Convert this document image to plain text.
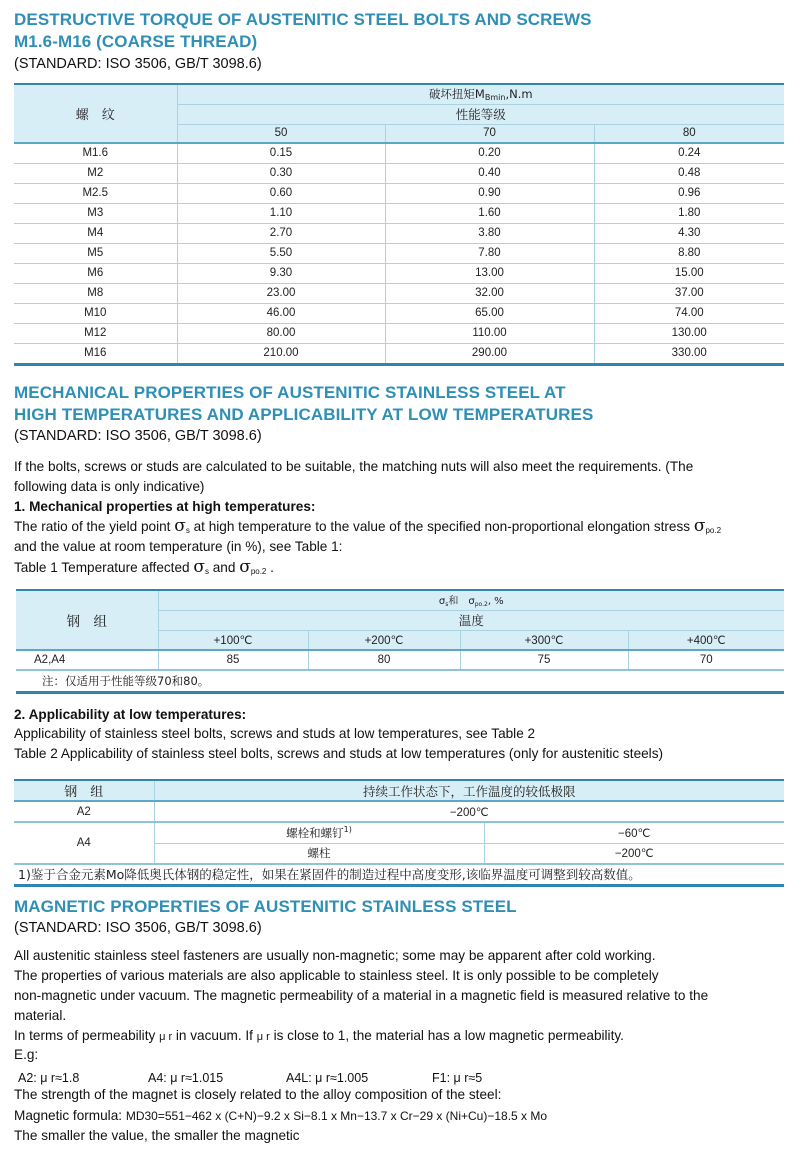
DESTRUCTIVE TORQUE OF AUSTENITIC STEEL BOLTS AND SCREWS
M1.6-M16 (COARSE THREAD)
(STANDARD: ISO 3506, GB/T 3098.6)
螺　纹	破坏扭矩$M_{Bmin},N.m$		
	性能等级		
	50	70	80
M1.6	0.15	0.20	0.24
M2	0.30	0.40	0.48
M2.5	0.60	0.90	0.96
M3	1.10	1.60	1.80
M4	2.70	3.80	4.30
M5	5.50	7.80	8.80
M6	9.30	13.00	15.00
M8	23.00	32.00	37.00
M10	46.00	65.00	74.00
M12	80.00	110.00	130.00
M16	210.00	290.00	330.00
MECHANICAL PROPERTIES OF AUSTENITIC STAINLESS STEEL AT
HIGH TEMPERATURES AND APPLICABILITY AT LOW TEMPERATURES
(STANDARD: ISO 3506, GB/T 3098.6)
If the bolts, screws or studs are calculated to be suitable, the matching nuts will also meet the requirements. (The
following data is only indicative)
1. Mechanical properties at high temperatures:
The ratio of the yield point $\sigma_s$ at high temperature to the value of the specified non-proportional elongation stress $\sigma_{po.2}$
and the value at room temperature (in %), see Table 1:
Table 1 Temperature affected $\sigma_s$ and $\sigma_{po.2}$ .
钢　组	$\sigma_s$和　$\sigma_{po.2}$, %			
	温度			
	+100℃	+200℃	+300℃	+400℃
A2,A4	85	80	75	70
注：仅适用于性能等级70和80。				
2. Applicability at low temperatures:
Applicability of stainless steel bolts, screws and studs at low temperatures, see Table 2
Table 2 Applicability of stainless steel bolts, screws and studs at low temperatures (only for austenitic steels)
钢　组	持续工作状态下，工作温度的较低极限	
A2	−200℃	
A4	螺栓和螺钉$^{1)}$	−60℃
	螺柱	−200℃
1)鉴于合金元素Mo降低奥氏体钢的稳定性，如果在紧固件的制造过程中高度变形,该临界温度可调整到较高数值。		
MAGNETIC PROPERTIES OF AUSTENITIC STAINLESS STEEL
(STANDARD: ISO 3506, GB/T 3098.6)
All austenitic stainless steel fasteners are usually non-magnetic; some may be apparent after cold working.
The properties of various materials are also applicable to stainless steel. It is only possible to be completely
non-magnetic under vacuum. The magnetic permeability of a material in a magnetic field is measured relative to the
material.
In terms of permeability μ r in vacuum. If μ r is close to 1, the material has a low magnetic permeability.
E.g:
A2: μ r≈1.8	A4: μ r≈1.015	A4L: μ r≈1.005	F1: μ r≈5
The strength of the magnet is closely related to the alloy composition of the steel:
Magnetic formula: MD30=551−462 x (C+N)−9.2 x Si−8.1 x Mn−13.7 x Cr−29 x (Ni+Cu)−18.5 x Mo
The smaller the value, the smaller the magnetic
